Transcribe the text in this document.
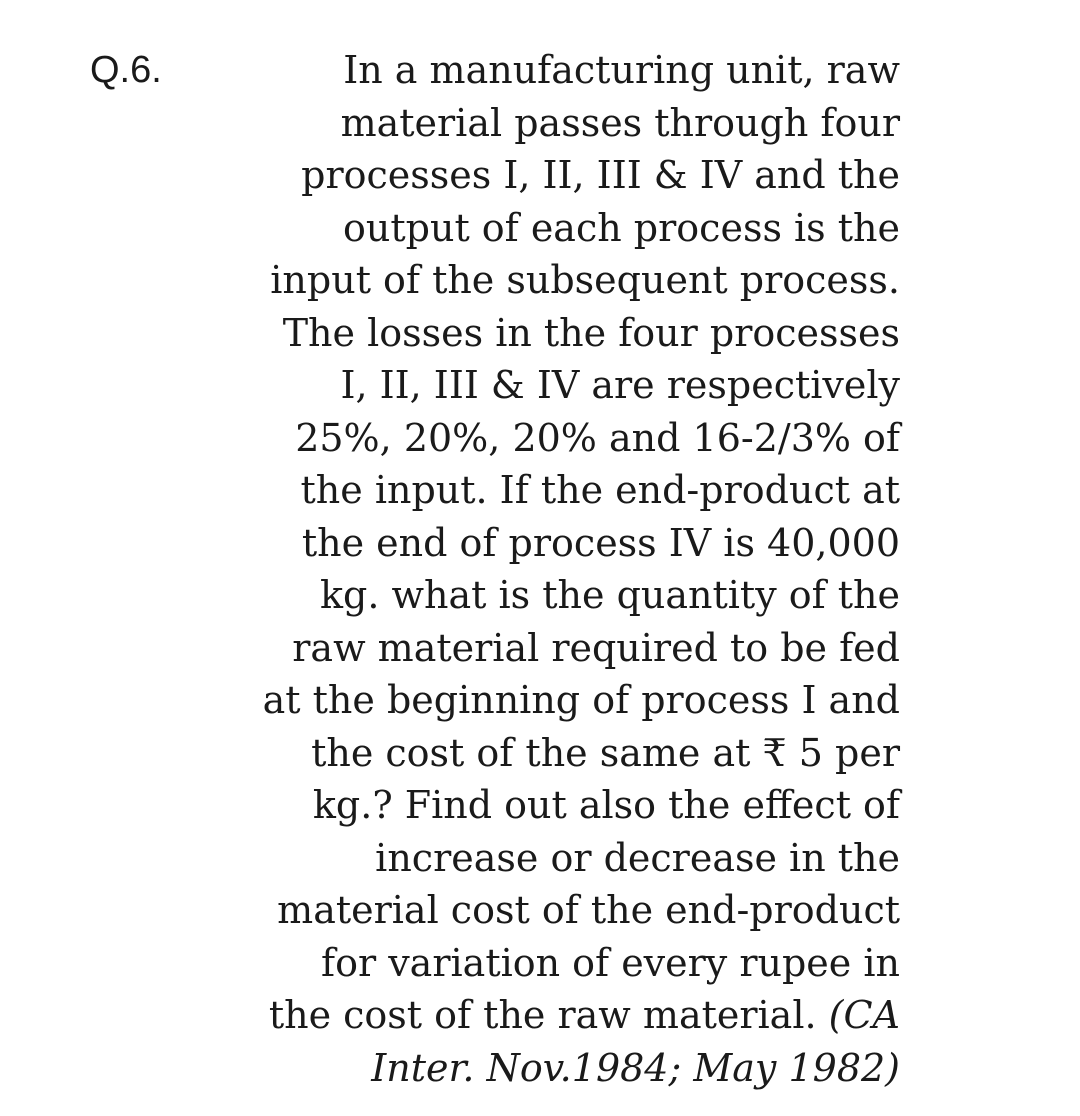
Q.6.	In a manufacturing unit, raw
material passes through four
processes I, II, III & IV and the
output of each process is the
input of the subsequent process.
The losses in the four processes
I, II, III & IV are respectively
25%, 20%, 20% and 16-2/3% of
the input. If the end-product at
the end of process IV is 40,000
kg. what is the quantity of the
raw material required to be fed
at the beginning of process I and
the cost of the same at ₹ 5 per
kg.? Find out also the effect of
increase or decrease in the
material cost of the end-product
for variation of every rupee in
the cost of the raw material. (CA
Inter. Nov.1984; May 1982)
